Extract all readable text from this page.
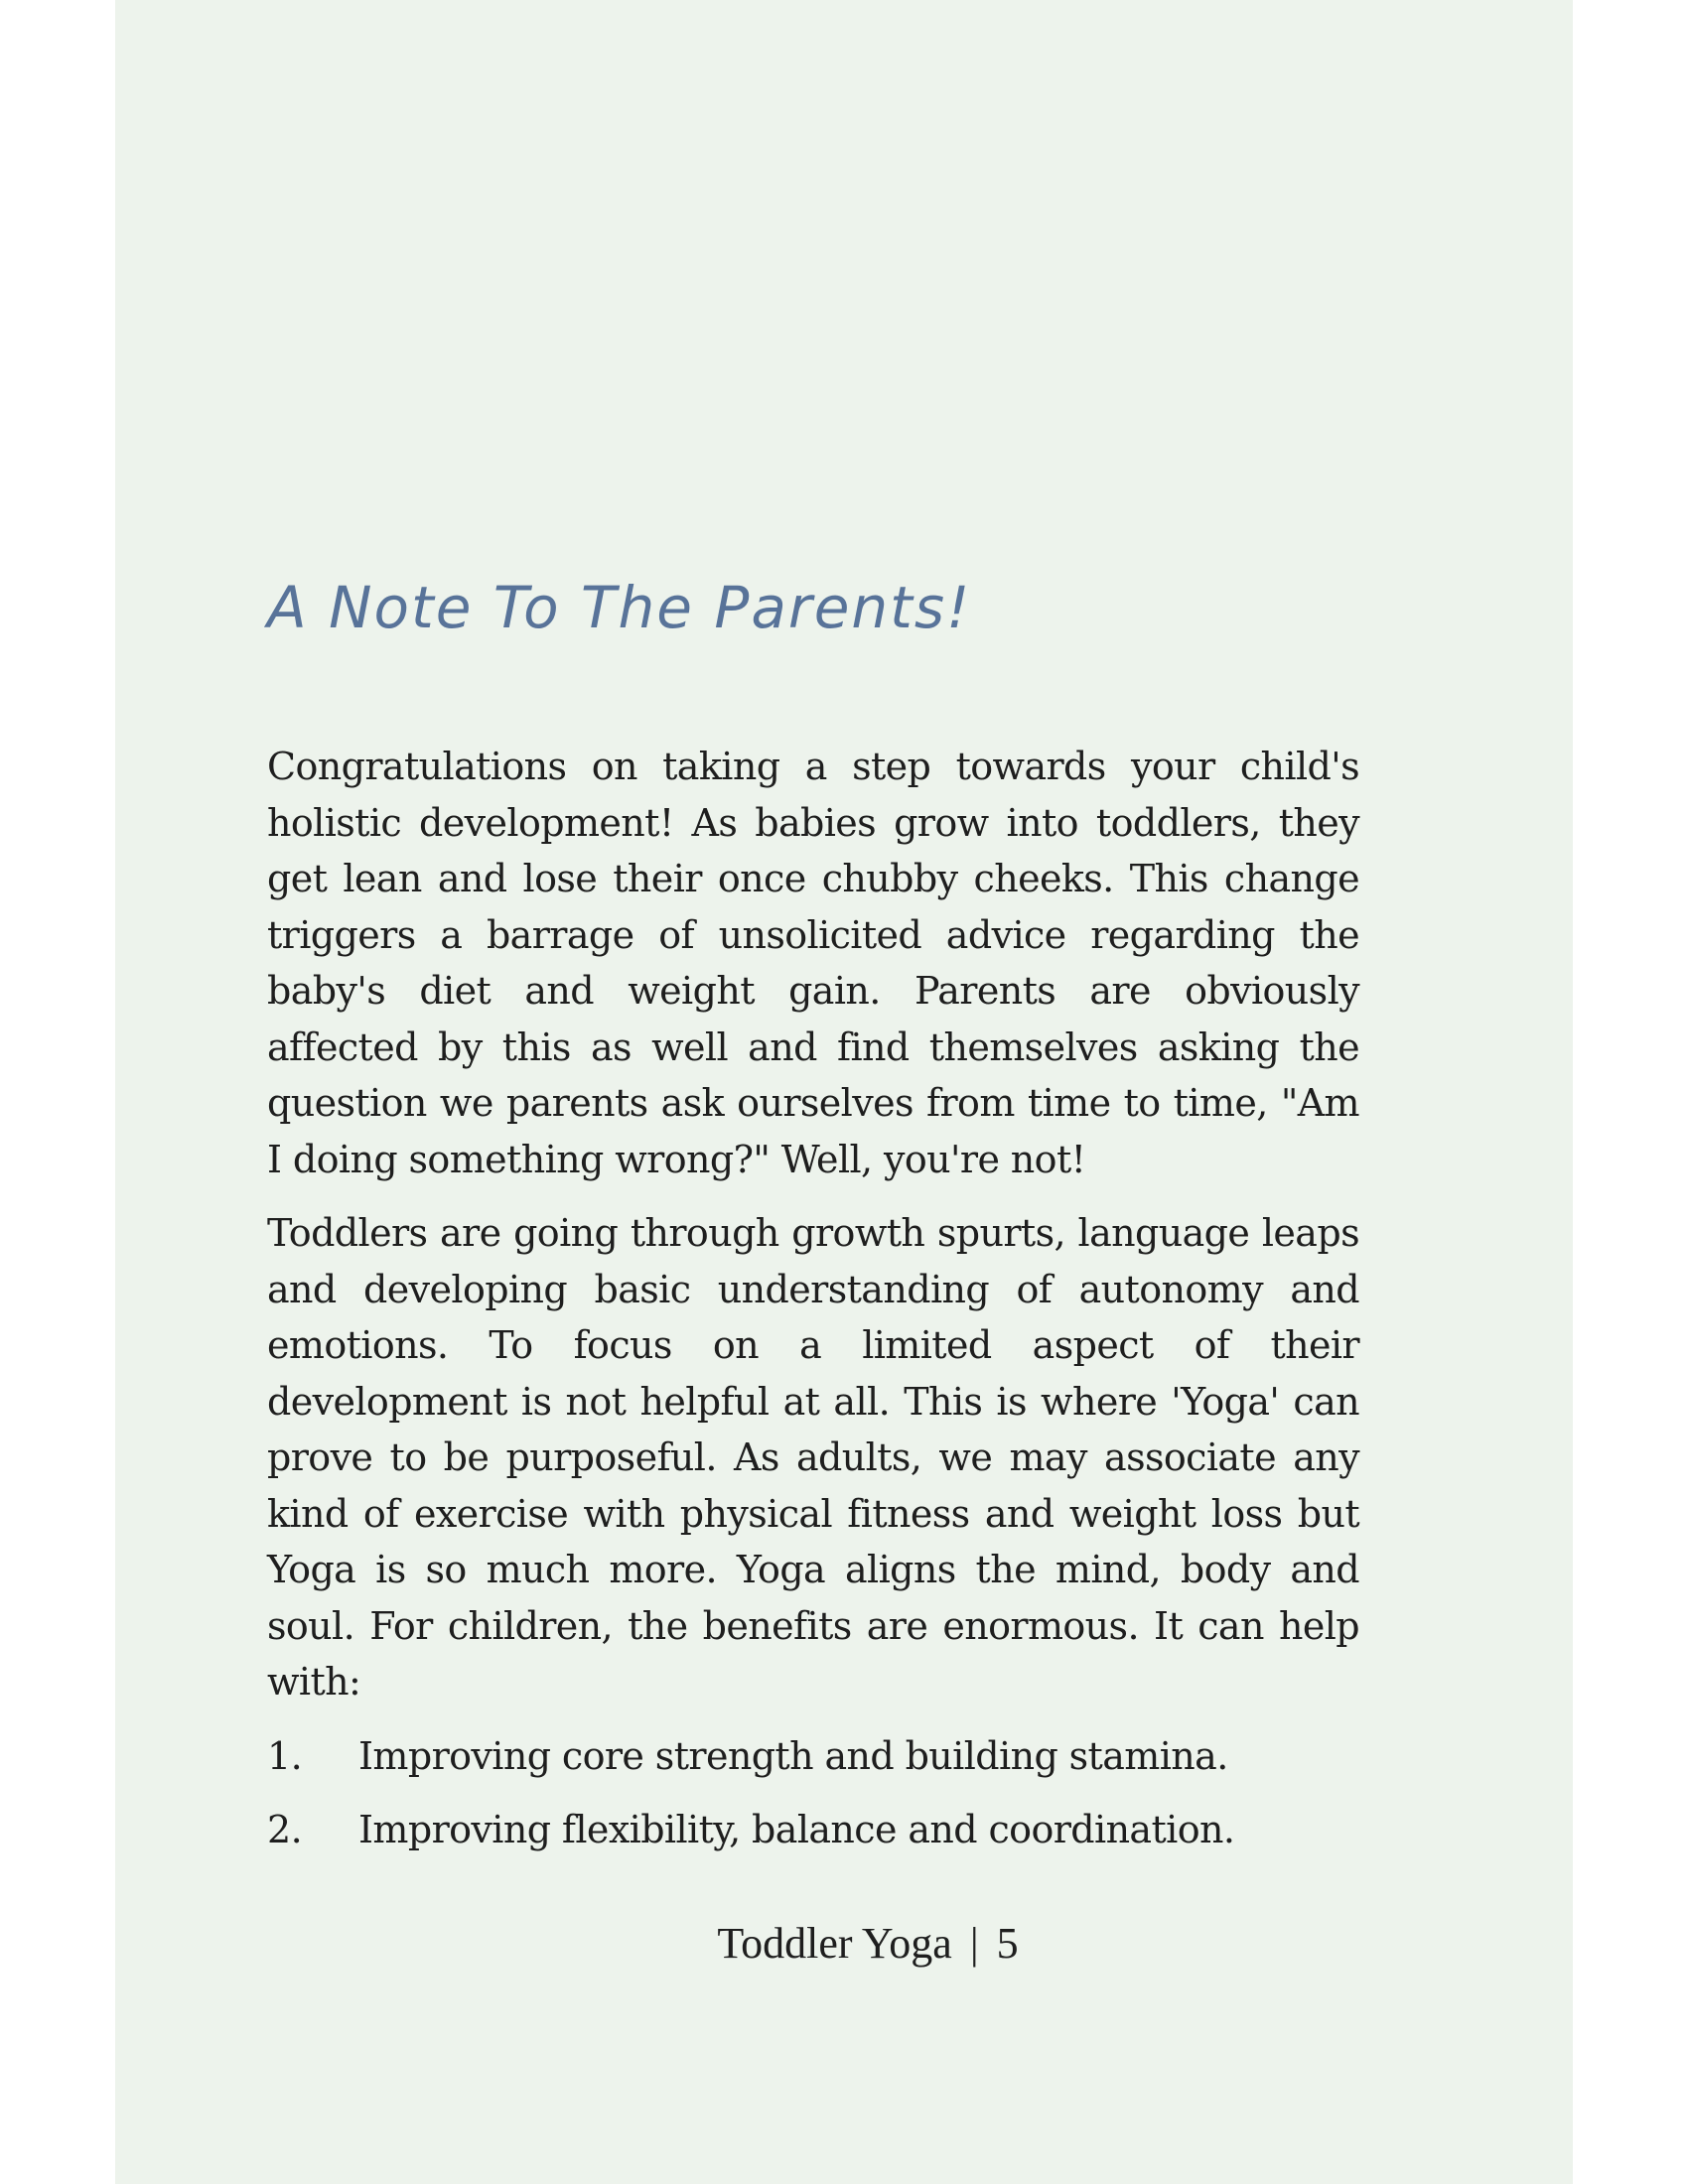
A Note To The Parents!

Congratulations on taking a step towards your child's holistic development! As babies grow into toddlers, they get lean and lose their once chubby cheeks. This change triggers a barrage of unsolicited advice regarding the baby's diet and weight gain. Parents are obviously affected by this as well and find themselves asking the question we parents ask ourselves from time to time, "Am I doing something wrong?" Well, you're not!

Toddlers are going through growth spurts, language leaps and developing basic understanding of autonomy and emotions. To focus on a limited aspect of their development is not helpful at all. This is where 'Yoga' can prove to be purposeful. As adults, we may associate any kind of exercise with physical fitness and weight loss but Yoga is so much more. Yoga aligns the mind, body and soul. For children, the benefits are enormous. It can help with:

1.	Improving core strength and building stamina.
2.	Improving flexibility, balance and coordination.
Toddler Yoga | 5
